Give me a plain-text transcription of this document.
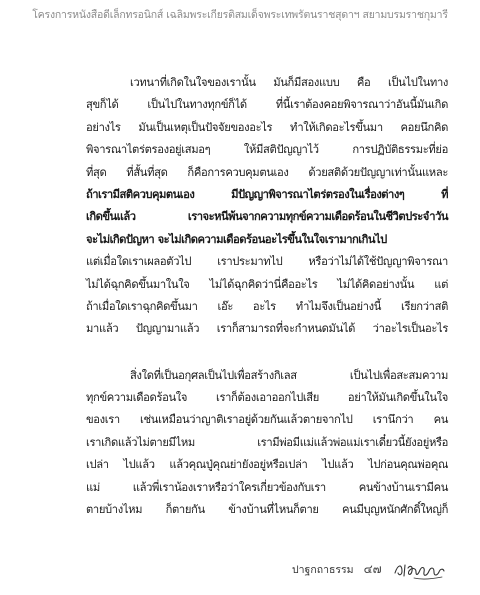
โครงการหนังสือดีเล็กทรอนิกส์ เฉลิมพระเกียรติสมเด็จพระเทพรัตนราชสุดาฯ สยามบรมราชกุมารี

เวทนาที่เกิดในใจของเรานั้น มันก็มีสองแบบ คือ เป็นไปในทาง
สุขก็ได้ เป็นไปในทางทุกข์ก็ได้ ที่นี้เราต้องคอยพิจารณาว่าอันนี้มันเกิด
อย่างไร มันเป็นเหตุเป็นปัจจัยของอะไร ทำให้เกิดอะไรขึ้นมา คอยนึกคิด
พิจารณาไตร่ตรองอยู่เสมอๆ ให้มีสติปัญญาไว้ การปฏิบัติธรรมะที่ย่อ
ที่สุด ที่สั้นที่สุด ก็คือการควบคุมตนเอง ด้วยสติด้วยปัญญาเท่านั้นแหละ
ถ้าเรามีสติควบคุมตนเอง มีปัญญาพิจารณาไตร่ตรองในเรื่องต่างๆ ที่
เกิดขึ้นแล้ว เราจะหนีพ้นจากความทุกข์ความเดือดร้อนในชีวิตประจำวัน
จะไม่เกิดปัญหา จะไม่เกิดความเดือดร้อนอะไรขึ้นในใจเรามากเกินไป
แต่เมื่อใดเราเผลอตัวไป เราประมาทไป หรือว่าไม่ได้ใช้ปัญญาพิจารณา
ไม่ได้ฉุกคิดขึ้นมาในใจ ไม่ได้ฉุกคิดว่านี่คืออะไร ไม่ได้คิดอย่างนั้น แต่
ถ้าเมื่อใดเราฉุกคิดขึ้นมา เอ๊ะ อะไร ทำไมจึงเป็นอย่างนี้ เรียกว่าสติ
มาแล้ว ปัญญามาแล้ว เราก็สามารถที่จะกำหนดมันได้ ว่าอะไรเป็นอะไร

สิ่งใดที่เป็นอกุศลเป็นไปเพื่อสร้างกิเลส เป็นไปเพื่อสะสมความ
ทุกข์ความเดือดร้อนใจ เราก็ต้องเอาออกไปเสีย อย่าให้มันเกิดขึ้นในใจ
ของเรา เช่นเหมือนว่าญาติเราอยู่ด้วยกันแล้วตายจากไป เรานึกว่า คน
เราเกิดแล้วไม่ตายมีไหม เรามีพ่อมีแม่แล้วพ่อแม่เราเดี๋ยวนี้ยังอยู่หรือ
เปล่า ไปแล้ว แล้วคุณปู่คุณย่ายังอยู่หรือเปล่า ไปแล้ว ไปก่อนคุณพ่อคุณ
แม่ แล้วพี่เราน้องเราหรือว่าใครเกี่ยวข้องกับเรา คนข้างบ้านเรามีคน
ตายบ้างไหม ก็ตายกัน ข้างบ้านที่ไหนก็ตาย คนมีบุญหนักศักดิ์ใหญ่ก็

ปาฐกถาธรรม ๔๗
